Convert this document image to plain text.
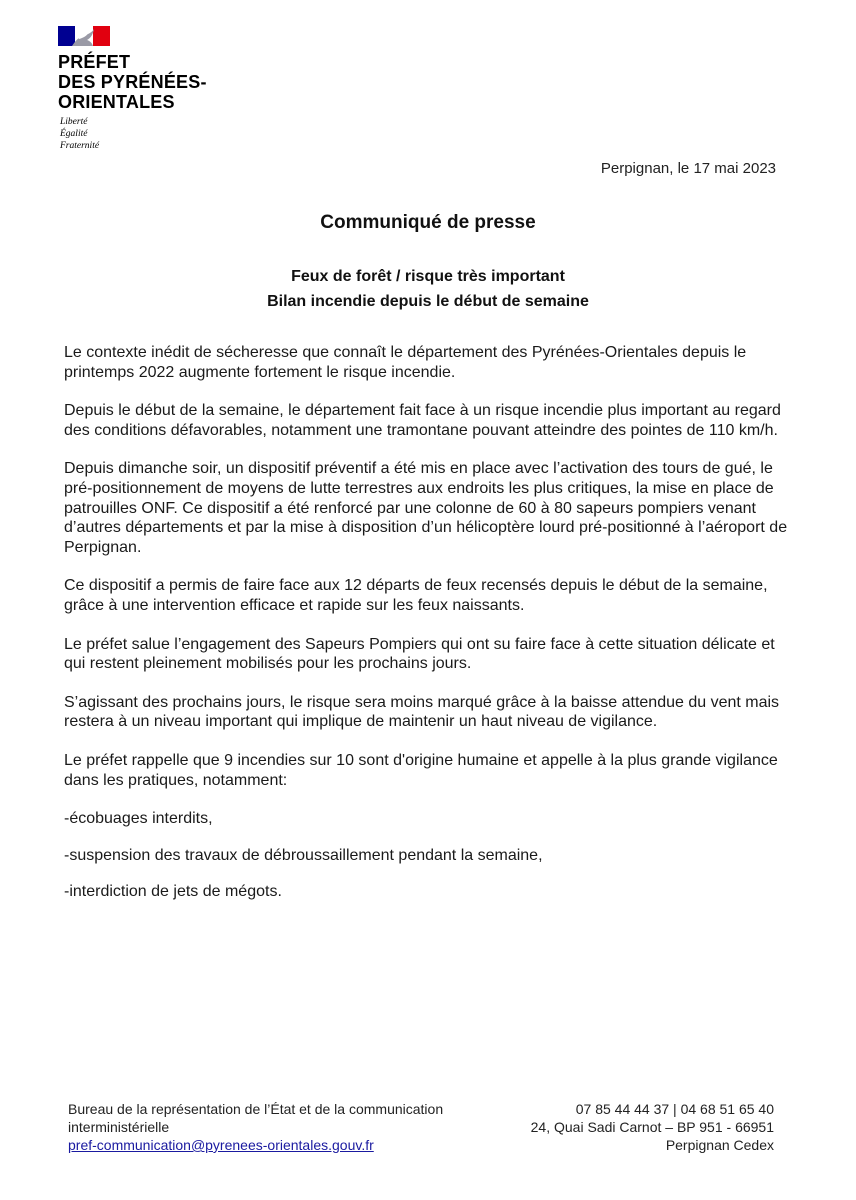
PRÉFET
DES PYRÉNÉES-
ORIENTALES
Liberté
Égalité
Fraternité
Perpignan, le 17 mai 2023
Communiqué de presse
Feux de forêt / risque très important
Bilan incendie depuis le début de semaine

Le contexte inédit de sécheresse que connaît le département des Pyrénées-Orientales depuis le printemps 2022 augmente fortement le risque incendie.

Depuis le début de la semaine, le département fait face à un risque incendie plus important au regard des conditions défavorables, notamment une tramontane pouvant atteindre des pointes de 110 km/h.

Depuis dimanche soir, un dispositif préventif a été mis en place avec l’activation des tours de gué, le pré-positionnement de moyens de lutte terrestres aux endroits les plus critiques, la mise en place de patrouilles ONF. Ce dispositif a été renforcé par une colonne de 60 à 80 sapeurs pompiers venant d’autres départements et par la mise à disposition d’un hélicoptère lourd pré-positionné à l’aéroport de Perpignan.

Ce dispositif a permis de faire face aux 12 départs de feux recensés depuis le début de la semaine, grâce à une intervention efficace et rapide sur les feux naissants.

Le préfet salue l’engagement des Sapeurs Pompiers qui ont su faire face à cette situation délicate et qui restent pleinement mobilisés pour les prochains jours.

S’agissant des prochains jours, le risque sera moins marqué grâce à la baisse attendue du vent mais restera à un niveau important qui implique de maintenir un haut niveau de vigilance.

Le préfet rappelle que 9 incendies sur 10 sont d'origine humaine et appelle à la plus grande vigilance dans les pratiques, notamment:

-écobuages interdits,

-suspension des travaux de débroussaillement pendant la semaine,

-interdiction de jets de mégots.

Bureau de la représentation de l’État et de la communication
interministérielle
pref-communication@pyrenees-orientales.gouv.fr
07 85 44 44 37 | 04 68 51 65 40
24, Quai Sadi Carnot – BP 951 - 66951
Perpignan Cedex
